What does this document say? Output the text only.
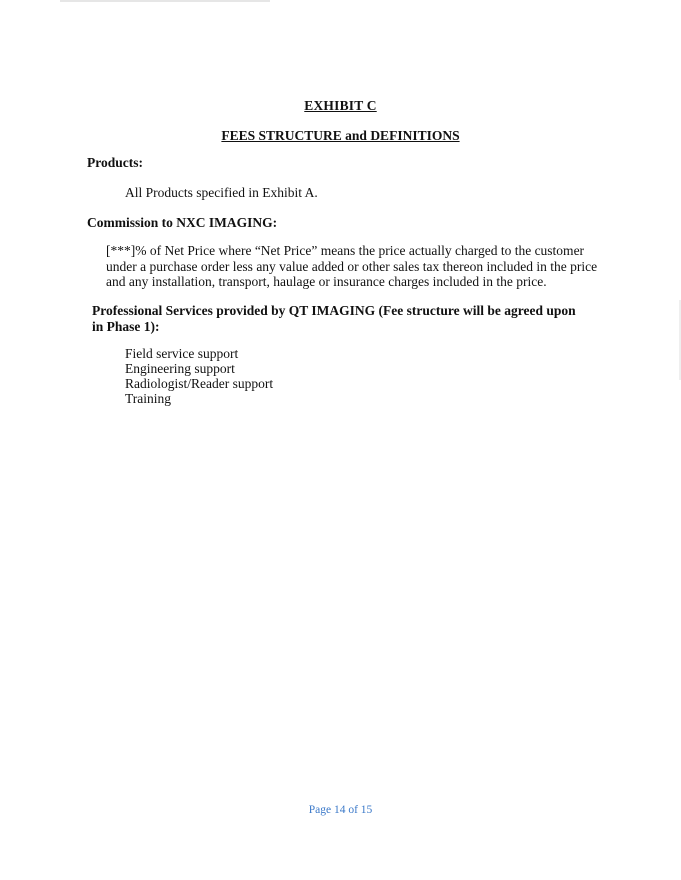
EXHIBIT C
FEES STRUCTURE and DEFINITIONS
Products:
All Products specified in Exhibit A.
Commission to NXC IMAGING:
[***]% of Net Price where “Net Price” means the price actually charged to the customer under a purchase order less any value added or other sales tax thereon included in the price and any installation, transport, haulage or insurance charges included in the price.
Professional Services provided by QT IMAGING (Fee structure will be agreed upon in Phase 1):
Field service support
Engineering support
Radiologist/Reader support
Training
Page 14 of 15
